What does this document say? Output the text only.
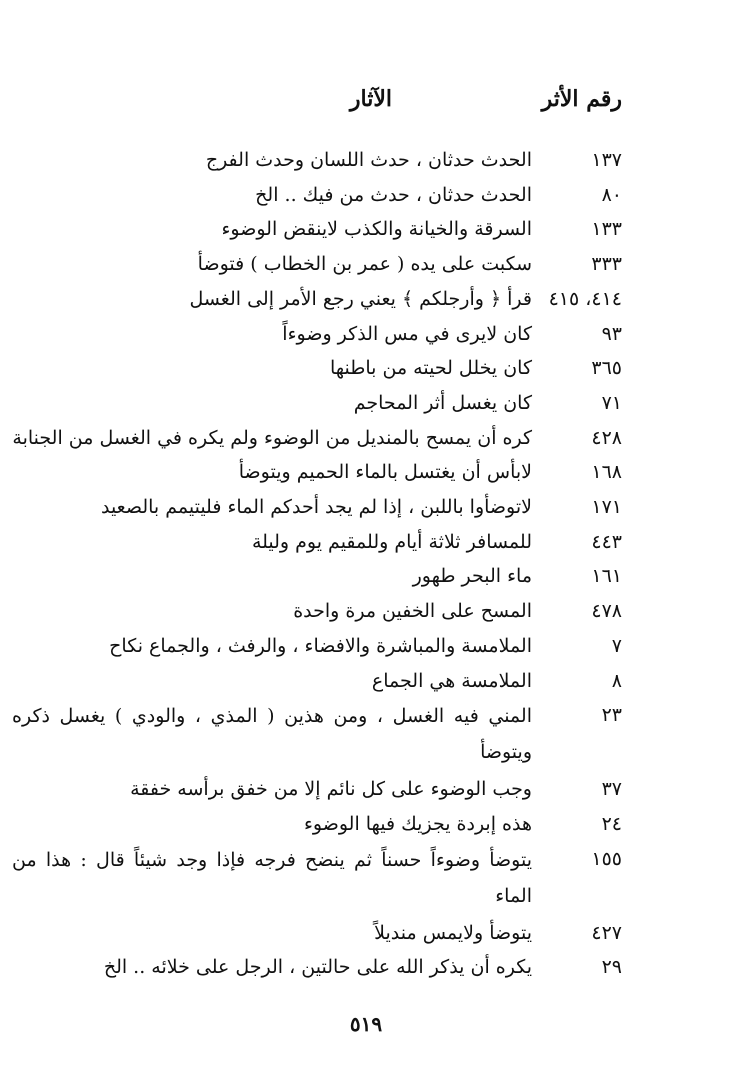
رقم الأثر
الآثار
١٣٧
الحدث حدثان ، حدث اللسان وحدث الفرج
٨٠
الحدث حدثان ، حدث من فيك .. الخ
١٣٣
السرقة والخيانة والكذب لاينقض الوضوء
٣٣٣
سكبت على يده ( عمر بن الخطاب ) فتوضأ
٤١٤، ٤١٥
قرأ ﴿ وأرجلكم ﴾ يعني رجع الأمر إلى الغسل
٩٣
كان لايرى في مس الذكر وضوءاً
٣٦٥
كان يخلل لحيته من باطنها
٧١
كان يغسل أثر المحاجم
٤٢٨
كره أن يمسح بالمنديل من الوضوء ولم يكره في الغسل من الجنابة
١٦٨
لابأس أن يغتسل بالماء الحميم ويتوضأ
١٧١
لاتوضأوا باللبن ، إذا لم يجد أحدكم الماء فليتيمم بالصعيد
٤٤٣
للمسافر ثلاثة أيام وللمقيم يوم وليلة
١٦١
ماء البحر طهور
٤٧٨
المسح على الخفين مرة واحدة
٧
الملامسة والمباشرة والافضاء ، والرفث ، والجماع نكاح
٨
الملامسة هي الجماع
٢٣
المني فيه الغسل ، ومن هذين ( المذي ، والودي ) يغسل ذكره ويتوضأ
٣٧
وجب الوضوء على كل نائم إلا من خفق برأسه خفقة
٢٤
هذه إبردة يجزيك فيها الوضوء
١٥٥
يتوضأ وضوءاً حسناً ثم ينضح فرجه فإذا وجد شيئاً قال : هذا من الماء
٤٢٧
يتوضأ ولايمس منديلاً
٢٩
يكره أن يذكر الله على حالتين ، الرجل على خلائه .. الخ
٥١٩
